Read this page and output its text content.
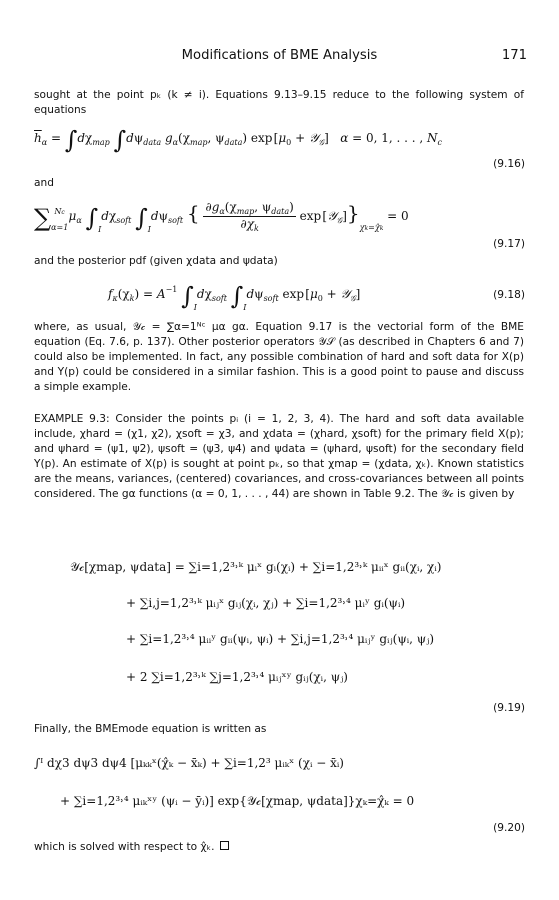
Modifications of BME Analysis	171
sought at the point pₖ (k ≠ i). Equations 9.13–9.15 reduce to the following system of equations
$\overline{h}_\alpha = \int d\chi_{map}$ $\int d\psi_{data}$ $g_\alpha(\chi_{map}$, $\psi_{data}$) exp [$\mu_0$ + 𝒴$_𝒢$]   α = 0, 1, . . . , $N_c$
(9.16)
and
$\sum_{\alpha=1}^{Nc}$ $\mu_\alpha$ $\int_Id\chi_{soft}$ $\int_Id\psi_{soft}$ { $\frac{\partial g_\alpha(\chi_{map}, \psi_{data})}{\partial\chi_k}$ exp $[𝒴_𝒢]\}_{\chi k=\chîk} = 0$
(9.17)
and the posterior pdf (given χdata and ψdata)
$f_\kappa(\chi_k) = A^{-1}$ $\int_Id\chi_{soft}$ $\int_Id\psi_{soft}$ exp [$\mu_0$ + 𝒴$_𝒢$]	(9.18)
where, as usual, 𝒴𝒸 = ∑α=1ᴺᶜ μα gα. Equation 9.17 is the vectorial form of the BME equation (Eq. 7.6, p. 137). Other posterior operators 𝒴𝒮 (as described in Chapters 6 and 7) could also be implemented. In fact, any possible combination of hard and soft data for X(p) and Y(p) could be considered in a similar fashion. This is a good point to pause and discuss a simple example.
EXAMPLE 9.3: Consider the points pᵢ (i = 1, 2, 3, 4). The hard and soft data available include, χhard = (χ1, χ2), χsoft = χ3, and χdata = (χhard, χsoft) for the primary field X(p); and ψhard = (ψ1, ψ2), ψsoft = (ψ3, ψ4) and ψdata = (ψhard, ψsoft) for the secondary field Y(p). An estimate of X(p) is sought at point pₖ, so that χmap = (χdata, χₖ). Known statistics are the means, variances, (centered) covariances, and cross-covariances between all points considered. The gα functions (α = 0, 1, . . . , 44) are shown in Table 9.2. The 𝒴𝒸 is given by
𝒴𝒸[χmap, ψdata] = ∑i=1,2³˒ᵏ μᵢˣ gᵢ(χᵢ) + ∑i=1,2³˒ᵏ μᵢᵢˣ gᵢᵢ(χᵢ, χᵢ)
+ ∑i,j=1,2³˒ᵏ μᵢⱼˣ gᵢⱼ(χᵢ, χⱼ) + ∑i=1,2³˒⁴ μᵢʸ gᵢ(ψᵢ)
+ ∑i=1,2³˒⁴ μᵢᵢʸ gᵢᵢ(ψᵢ, ψᵢ) + ∑i,j=1,2³˒⁴ μᵢⱼʸ gᵢⱼ(ψᵢ, ψⱼ)
+ 2 ∑i=1,2³˒ᵏ ∑j=1,2³˒⁴ μᵢⱼˣʸ gᵢⱼ(χᵢ, ψⱼ)
(9.19)
Finally, the BMEmode equation is written as
∫ᴵ dχ3 dψ3 dψ4 [μₖₖˣ(χ̂ₖ − x̄ₖ) + ∑i=1,2³ μᵢₖˣ (χᵢ − x̄ᵢ)
+ ∑i=1,2³˒⁴ μᵢₖˣʸ (ψᵢ − ȳᵢ)] exp{𝒴𝒸[χmap, ψdata]}χₖ=χ̂ₖ = 0
(9.20)
which is solved with respect to χ̂ₖ.
